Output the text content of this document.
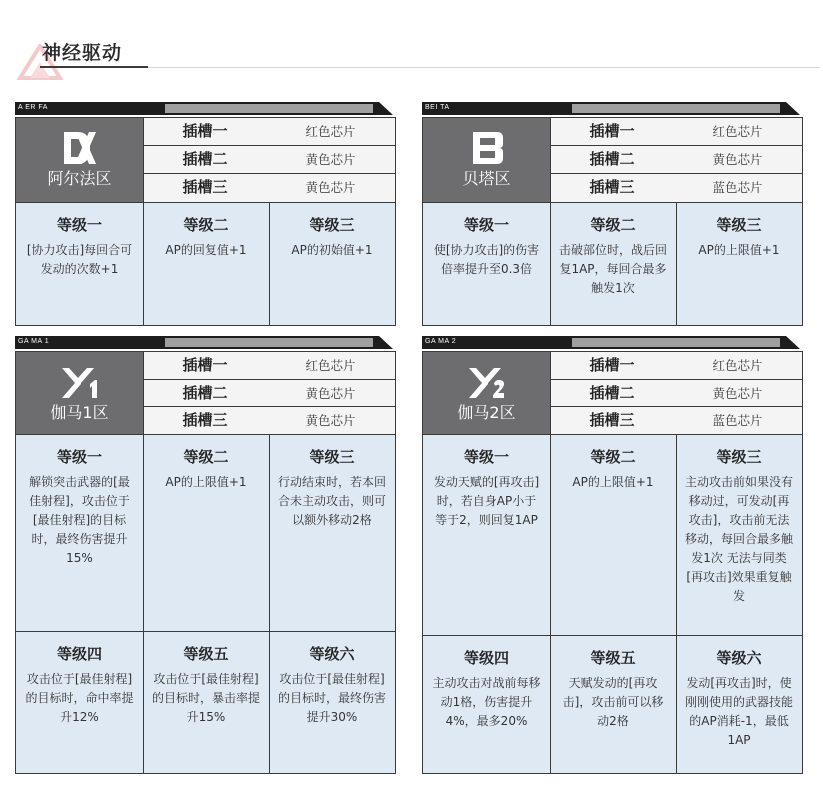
神经驱动
A ER FA
阿尔法区
插槽一	红色芯片
插槽二	黄色芯片
插槽三	黄色芯片
等级一
[协力攻击]每回合可发动的次数+1
等级二
AP的回复值+1
等级三
AP的初始值+1
BEI TA
贝塔区
插槽一	红色芯片
插槽二	黄色芯片
插槽三	蓝色芯片
等级一
使[协力攻击]的伤害倍率提升至0.3倍
等级二
击破部位时，战后回复1AP，每回合最多触发1次
等级三
AP的上限值+1
GA MA 1
伽马1区
插槽一	红色芯片
插槽二	黄色芯片
插槽三	黄色芯片
等级一
解锁突击武器的[最佳射程]，攻击位于[最佳射程]的目标时，最终伤害提升15%
等级二
AP的上限值+1
等级三
行动结束时，若本回合未主动攻击，则可以额外移动2格
等级四
攻击位于[最佳射程]的目标时，命中率提升12%
等级五
攻击位于[最佳射程]的目标时，暴击率提升15%
等级六
攻击位于[最佳射程]的目标时，最终伤害提升30%
GA MA 2
伽马2区
插槽一	红色芯片
插槽二	黄色芯片
插槽三	蓝色芯片
等级一
发动天赋的[再攻击]时，若自身AP小于等于2，则回复1AP
等级二
AP的上限值+1
等级三
主动攻击前如果没有移动过，可发动[再攻击]，攻击前无法移动，每回合最多触发1次 无法与同类[再攻击]效果重复触发
等级四
主动攻击对战前每移动1格，伤害提升4%，最多20%
等级五
天赋发动的[再攻击]，攻击前可以移动2格
等级六
发动[再攻击]时，使刚刚使用的武器技能的AP消耗-1，最低1AP
